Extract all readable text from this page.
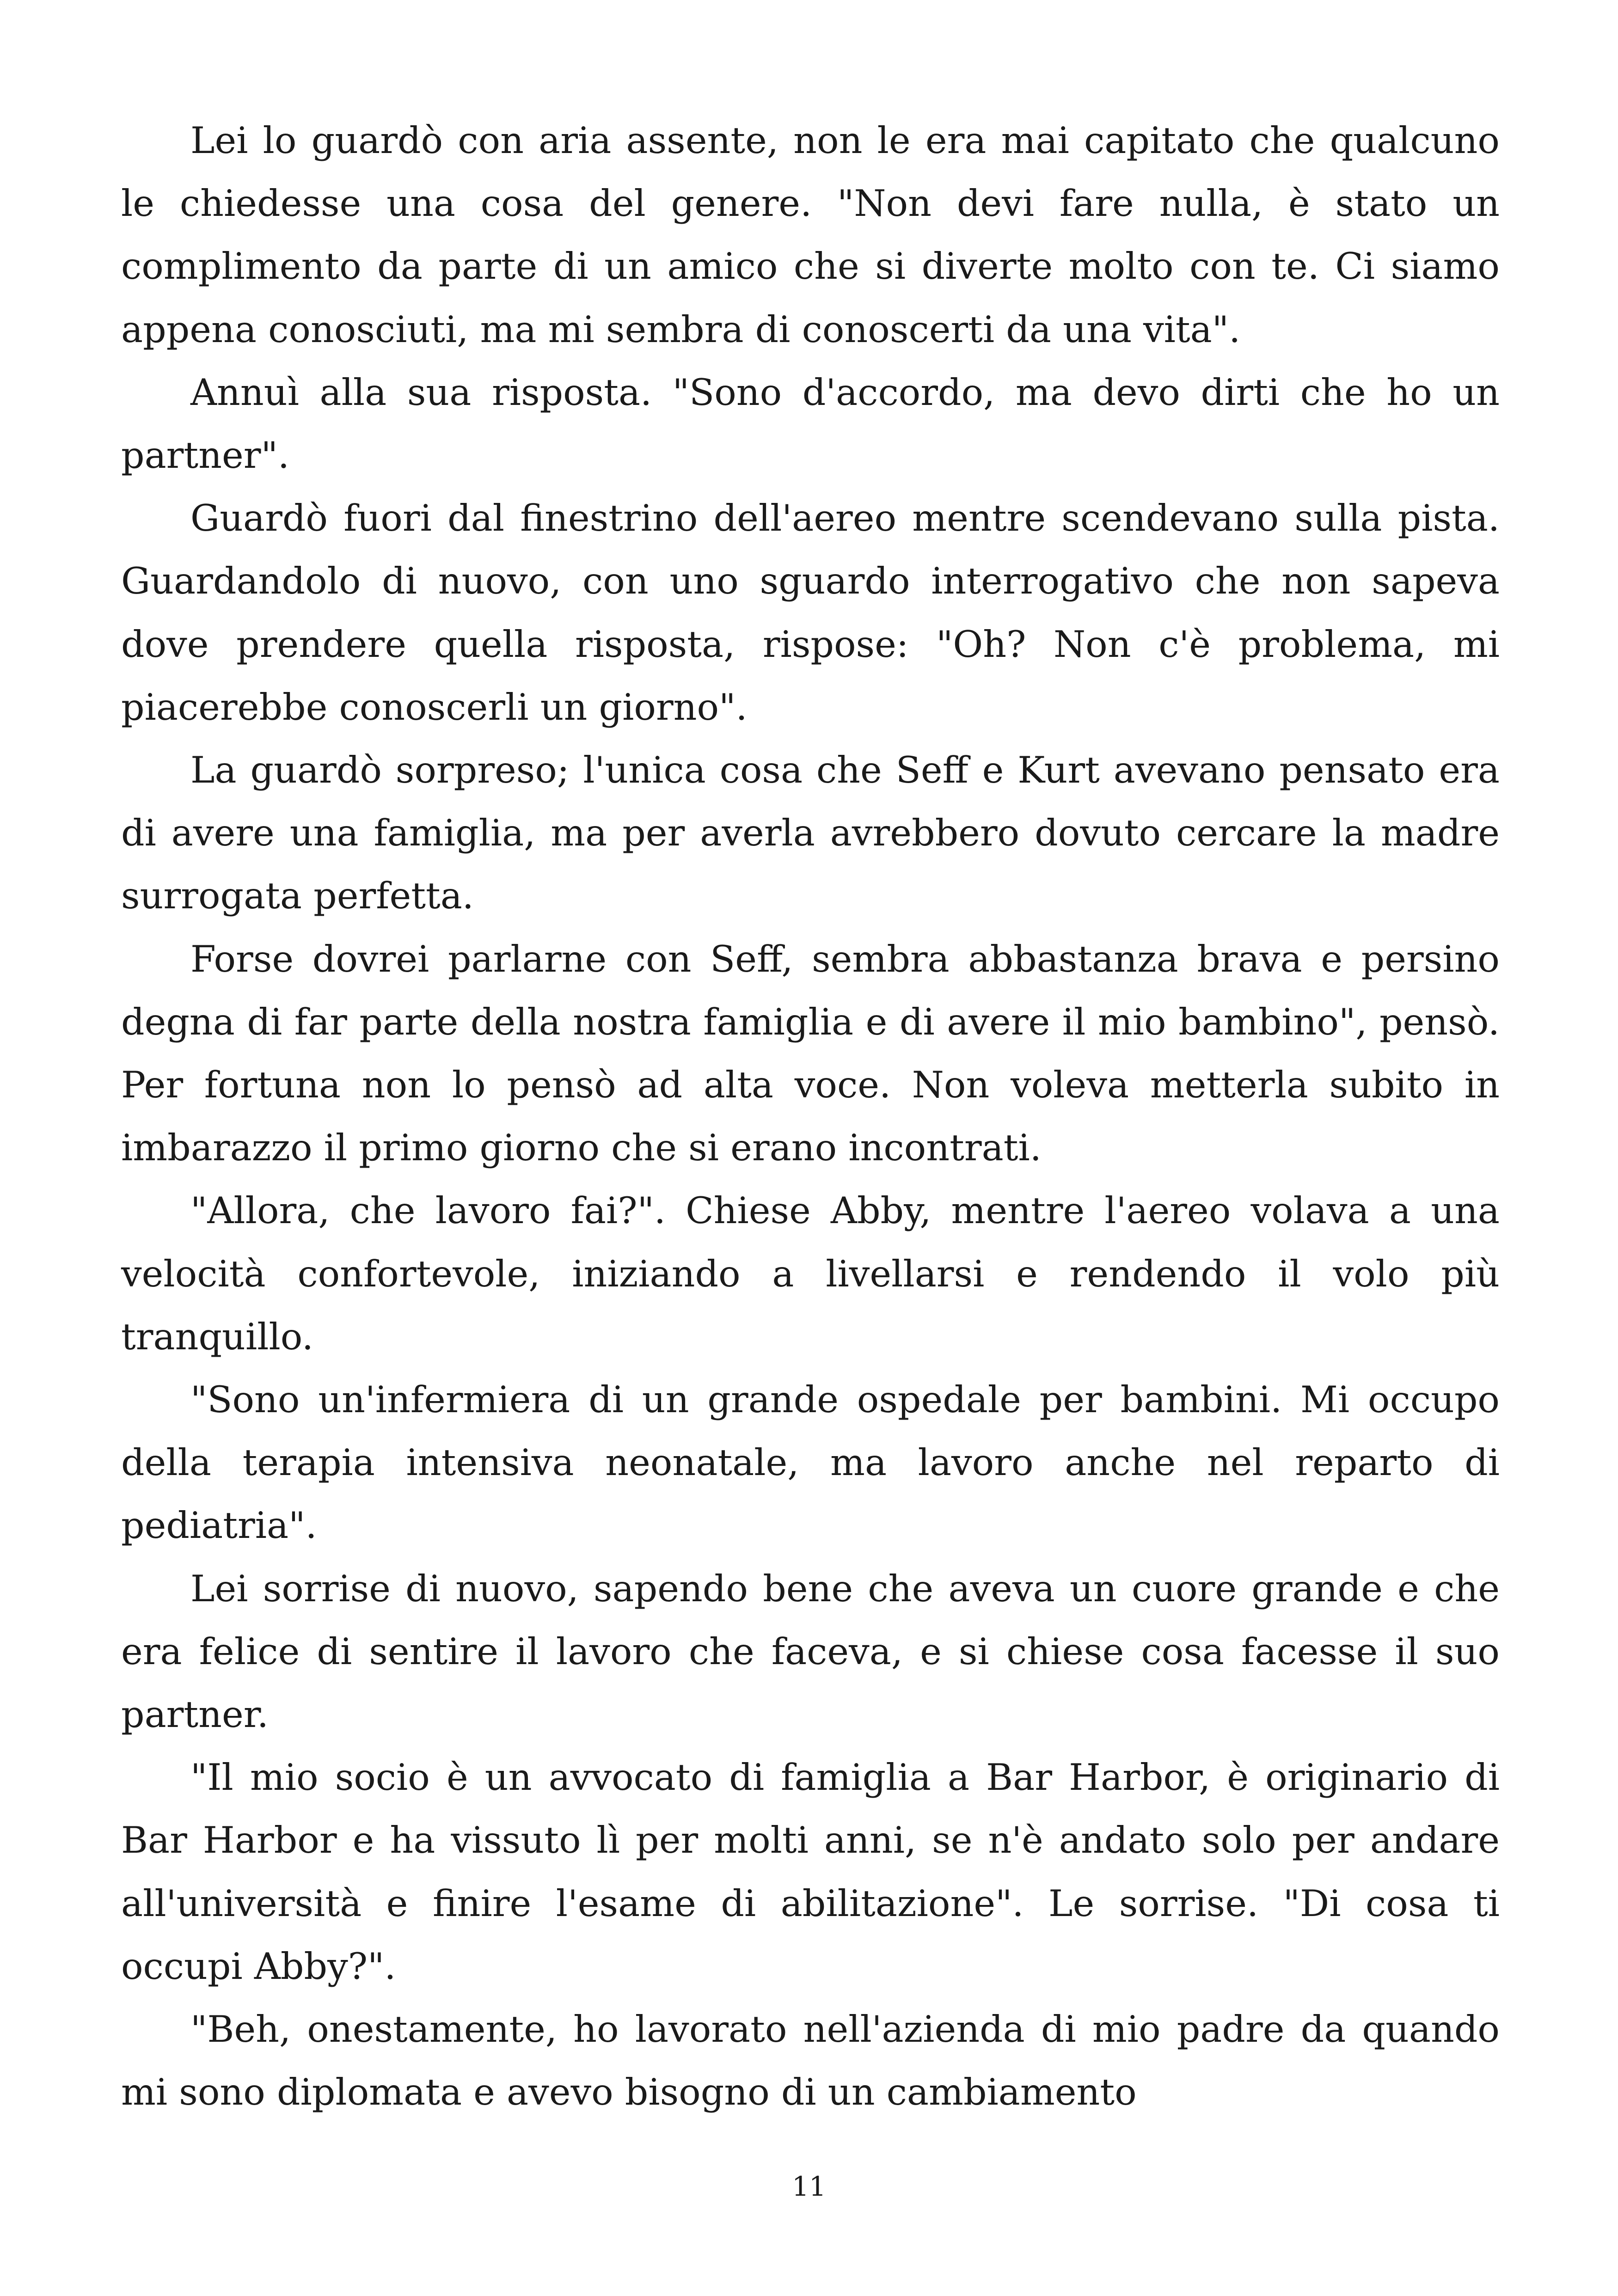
Lei lo guardò con aria assente, non le era mai capitato che qualcuno le chiedesse una cosa del genere. "Non devi fare nulla, è stato un complimento da parte di un amico che si diverte molto con te. Ci siamo appena conosciuti, ma mi sembra di conoscerti da una vita".

Annuì alla sua risposta. "Sono d'accordo, ma devo dirti che ho un partner".

Guardò fuori dal finestrino dell'aereo mentre scendevano sulla pista. Guardandolo di nuovo, con uno sguardo interrogativo che non sapeva dove prendere quella risposta, rispose: "Oh? Non c'è problema, mi piacerebbe conoscerli un giorno".

La guardò sorpreso; l'unica cosa che Seff e Kurt avevano pensato era di avere una famiglia, ma per averla avrebbero dovuto cercare la madre surrogata perfetta.

Forse dovrei parlarne con Seff, sembra abbastanza brava e persino degna di far parte della nostra famiglia e di avere il mio bambino", pensò. Per fortuna non lo pensò ad alta voce. Non voleva metterla subito in imbarazzo il primo giorno che si erano incontrati.

"Allora, che lavoro fai?". Chiese Abby, mentre l'aereo volava a una velocità confortevole, iniziando a livellarsi e rendendo il volo più tranquillo.

"Sono un'infermiera di un grande ospedale per bambini. Mi occupo della terapia intensiva neonatale, ma lavoro anche nel reparto di pediatria".

Lei sorrise di nuovo, sapendo bene che aveva un cuore grande e che era felice di sentire il lavoro che faceva, e si chiese cosa facesse il suo partner.

"Il mio socio è un avvocato di famiglia a Bar Harbor, è originario di Bar Harbor e ha vissuto lì per molti anni, se n'è andato solo per andare all'università e finire l'esame di abilitazione". Le sorrise. "Di cosa ti occupi Abby?".

"Beh, onestamente, ho lavorato nell'azienda di mio padre da quando mi sono diplomata e avevo bisogno di un cambiamento

11
